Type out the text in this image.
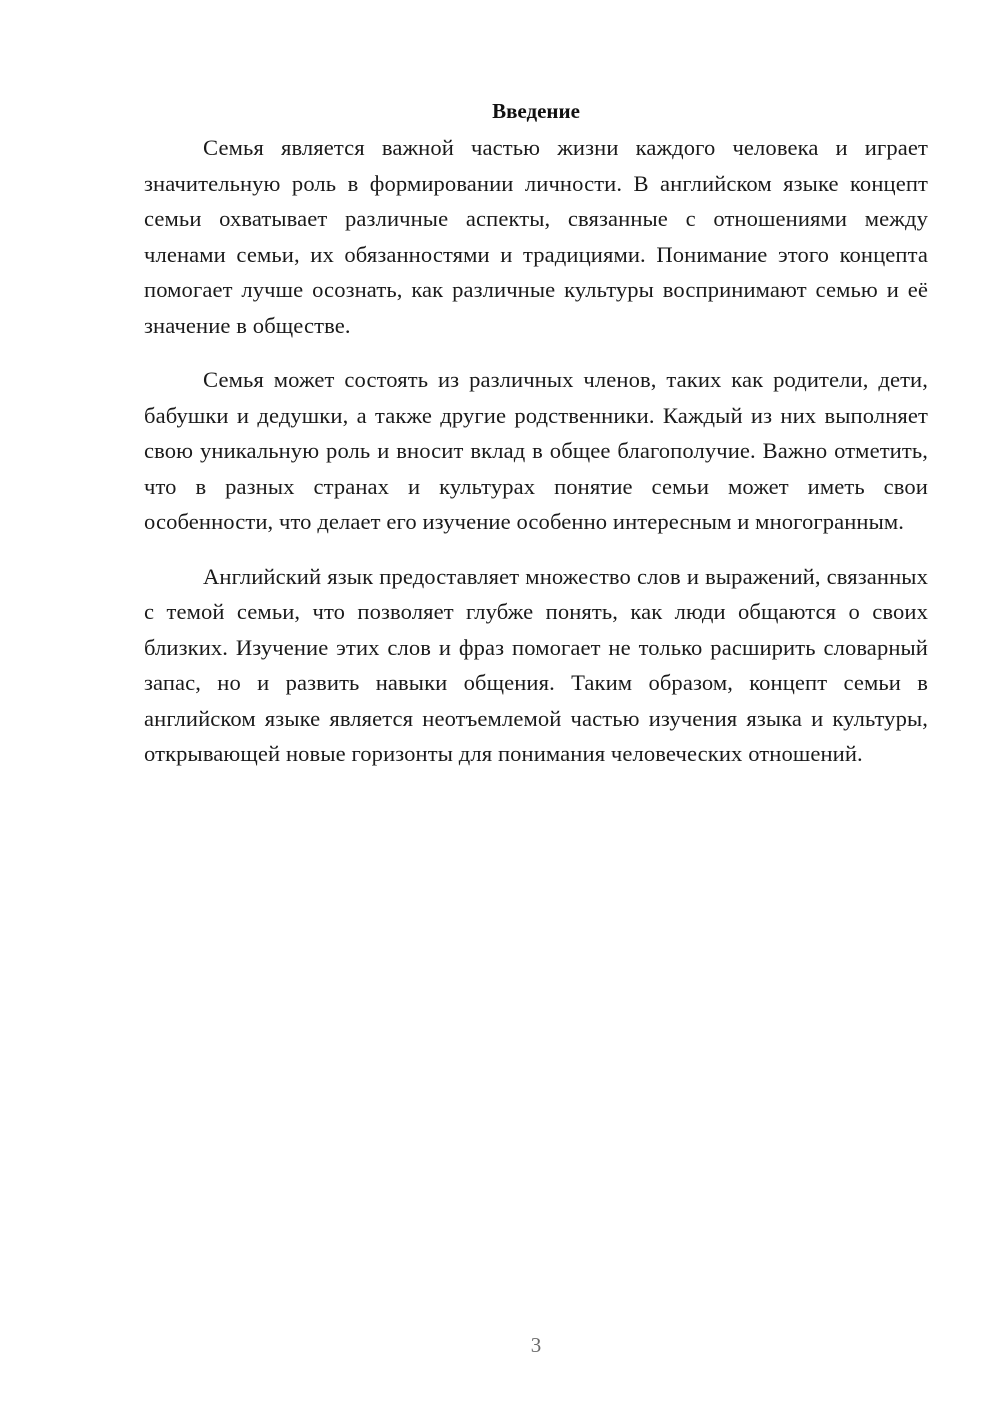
Введение

Семья является важной частью жизни каждого человека и играет значительную роль в формировании личности. В английском языке концепт семьи охватывает различные аспекты, связанные с отношениями между членами семьи, их обязанностями и традициями. Понимание этого концепта помогает лучше осознать, как различные культуры воспринимают семью и её значение в обществе.

Семья может состоять из различных членов, таких как родители, дети, бабушки и дедушки, а также другие родственники. Каждый из них выполняет свою уникальную роль и вносит вклад в общее благополучие. Важно отметить, что в разных странах и культурах понятие семьи может иметь свои особенности, что делает его изучение особенно интересным и многогранным.

Английский язык предоставляет множество слов и выражений, связанных с темой семьи, что позволяет глубже понять, как люди общаются о своих близких. Изучение этих слов и фраз помогает не только расширить словарный запас, но и развить навыки общения. Таким образом, концепт семьи в английском языке является неотъемлемой частью изучения языка и культуры, открывающей новые горизонты для понимания человеческих отношений.

3
